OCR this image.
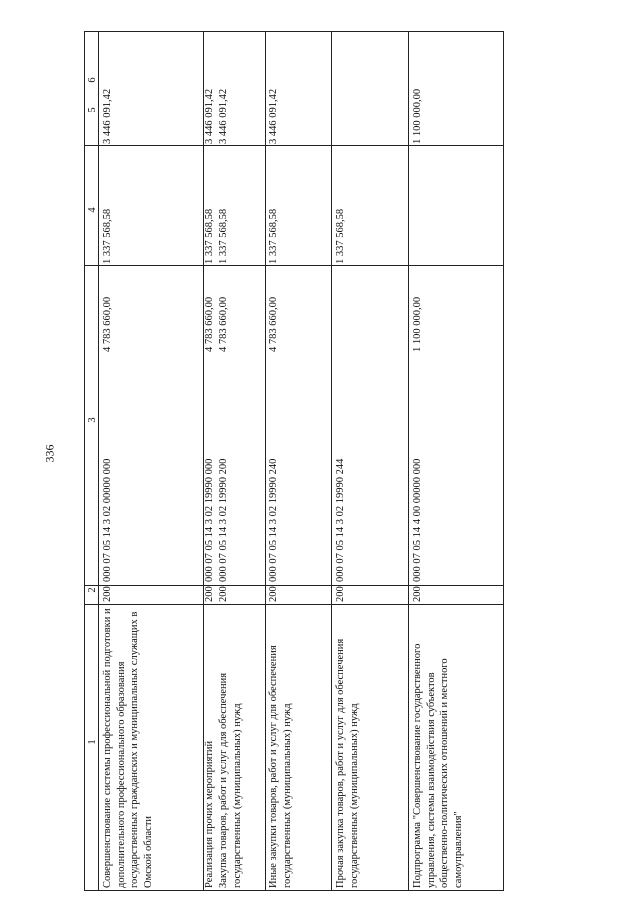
336
1
2
3
4
5
6
Совершенствование системы профессиональной подготовки и дополнительного профессионального образования государственных гражданских и муниципальных служащих в Омской области
200
000 07 05 14 3 02 00000 000
4 783 660,00
1 337 568,58
3 446 091,42
Реализация прочих мероприятий
200
000 07 05 14 3 02 19990 000
4 783 660,00
1 337 568,58
3 446 091,42
Закупка товаров, работ и услуг для обеспечения государственных (муниципальных) нужд
200
000 07 05 14 3 02 19990 200
4 783 660,00
1 337 568,58
3 446 091,42
Иные закупки товаров, работ и услуг для обеспечения государственных (муниципальных) нужд
200
000 07 05 14 3 02 19990 240
4 783 660,00
1 337 568,58
3 446 091,42
Прочая закупка товаров, работ и услуг для обеспечения государственных (муниципальных) нужд
200
000 07 05 14 3 02 19990 244
1 337 568,58
Подпрограмма "Совершенствование государственного управления, системы взаимодействия субъектов общественно-политических отношений и местного самоуправления"
200
000 07 05 14 4 00 00000 000
1 100 000,00
1 100 000,00
